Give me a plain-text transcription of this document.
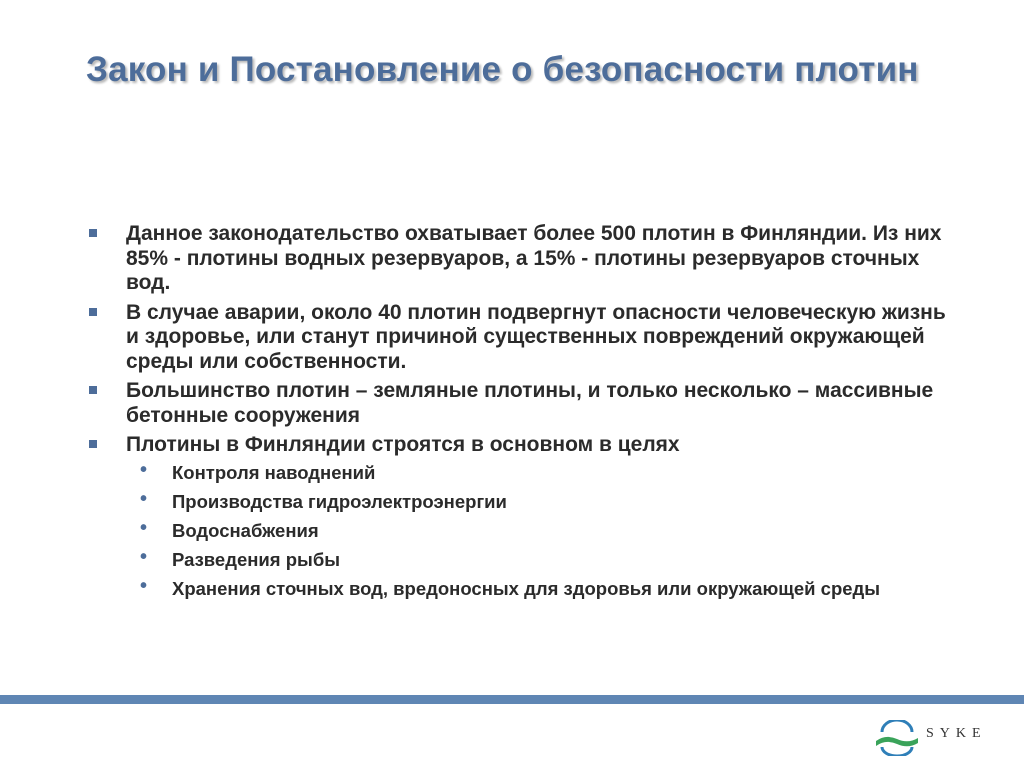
Закон и Постановление о безопасности плотин
Данное законодательство охватывает более 500 плотин в Финляндии. Из них 85% - плотины водных резервуаров, а 15% - плотины резервуаров сточных вод.
В случае аварии, около 40 плотин подвергнут опасности человеческую жизнь и здоровье, или станут причиной существенных повреждений окружающей среды или собственности.
Большинство плотин – земляные плотины, и только несколько – массивные бетонные сооружения
Плотины в Финляндии строятся в основном в целях
• Контроля наводнений
• Производства гидроэлектроэнергии
• Водоснабжения
• Разведения рыбы
• Хранения сточных вод, вредоносных для здоровья или окружающей среды
SYKE
